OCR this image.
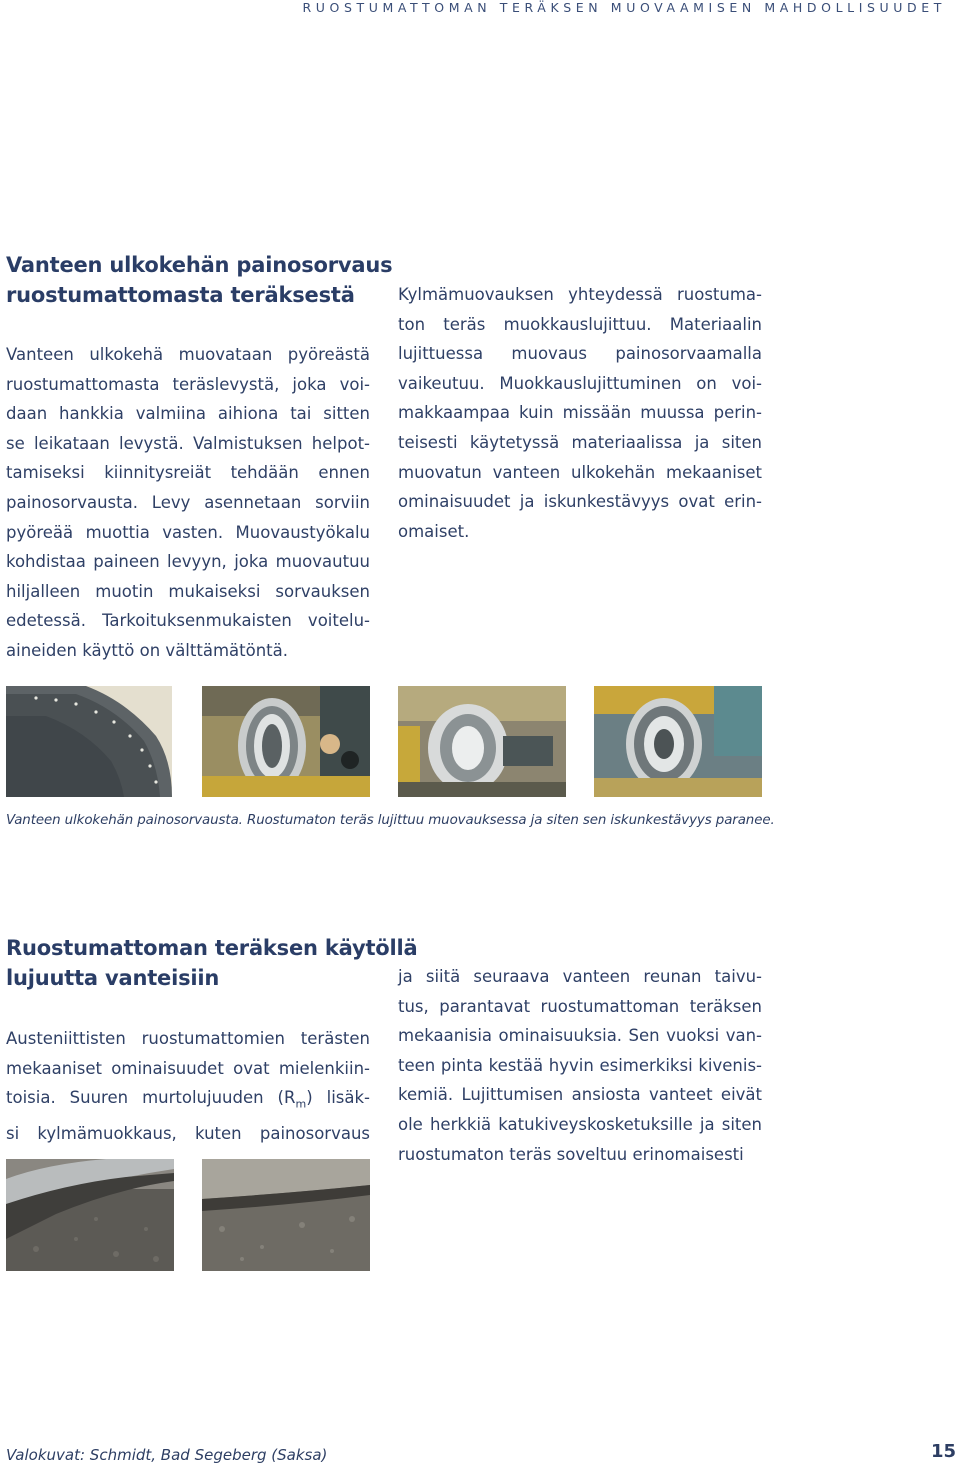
RUOSTUMATTOMAN TERÄKSEN MUOVAAMISEN MAHDOLLISUUDET
Vanteen ulkokehän painosorvaus
ruostumattomasta teräksestä
Vanteen ulkokehä muovataan pyöreästä
ruostumattomasta teräslevystä, joka voi-
daan hankkia valmiina aihiona tai sitten
se leikataan levystä. Valmistuksen helpot-
tamiseksi kiinnitysreiät tehdään ennen
painosorvausta. Levy asennetaan sorviin
pyöreää muottia vasten. Muovaustyökalu
kohdistaa paineen levyyn, joka muovautuu
hiljalleen muotin mukaiseksi sorvauksen
edetessä. Tarkoituksenmukaisten voitelu-
aineiden käyttö on välttämätöntä.
Kylmämuovauksen yhteydessä ruostuma-
ton teräs muokkauslujittuu. Materiaalin
lujittuessa muovaus painosorvaamalla
vaikeutuu. Muokkauslujittuminen on voi-
makkaampaa kuin missään muussa perin-
teisesti käytetyssä materiaalissa ja siten
muovatun vanteen ulkokehän mekaaniset
ominaisuudet ja iskunkestävyys ovat erin-
omaiset.
Vanteen ulkokehän painosorvausta. Ruostumaton teräs lujittuu muovauksessa ja siten sen iskunkestävyys paranee.
Ruostumattoman teräksen käytöllä
lujuutta vanteisiin
Austeniittisten ruostumattomien terästen
mekaaniset ominaisuudet ovat mielenkiin-
toisia. Suuren murtolujuuden $(R_m)$ lisäk-
si kylmämuokkaus, kuten painosorvaus
ja siitä seuraava vanteen reunan taivu-
tus, parantavat ruostumattoman teräksen
mekaanisia ominaisuuksia. Sen vuoksi van-
teen pinta kestää hyvin esimerkiksi kivenis-
kemiä. Lujittumisen ansiosta vanteet eivät
ole herkkiä katukiveyskosketuksille ja siten
ruostumaton teräs soveltuu erinomaisesti
Valokuvat: Schmidt, Bad Segeberg (Saksa)	15
